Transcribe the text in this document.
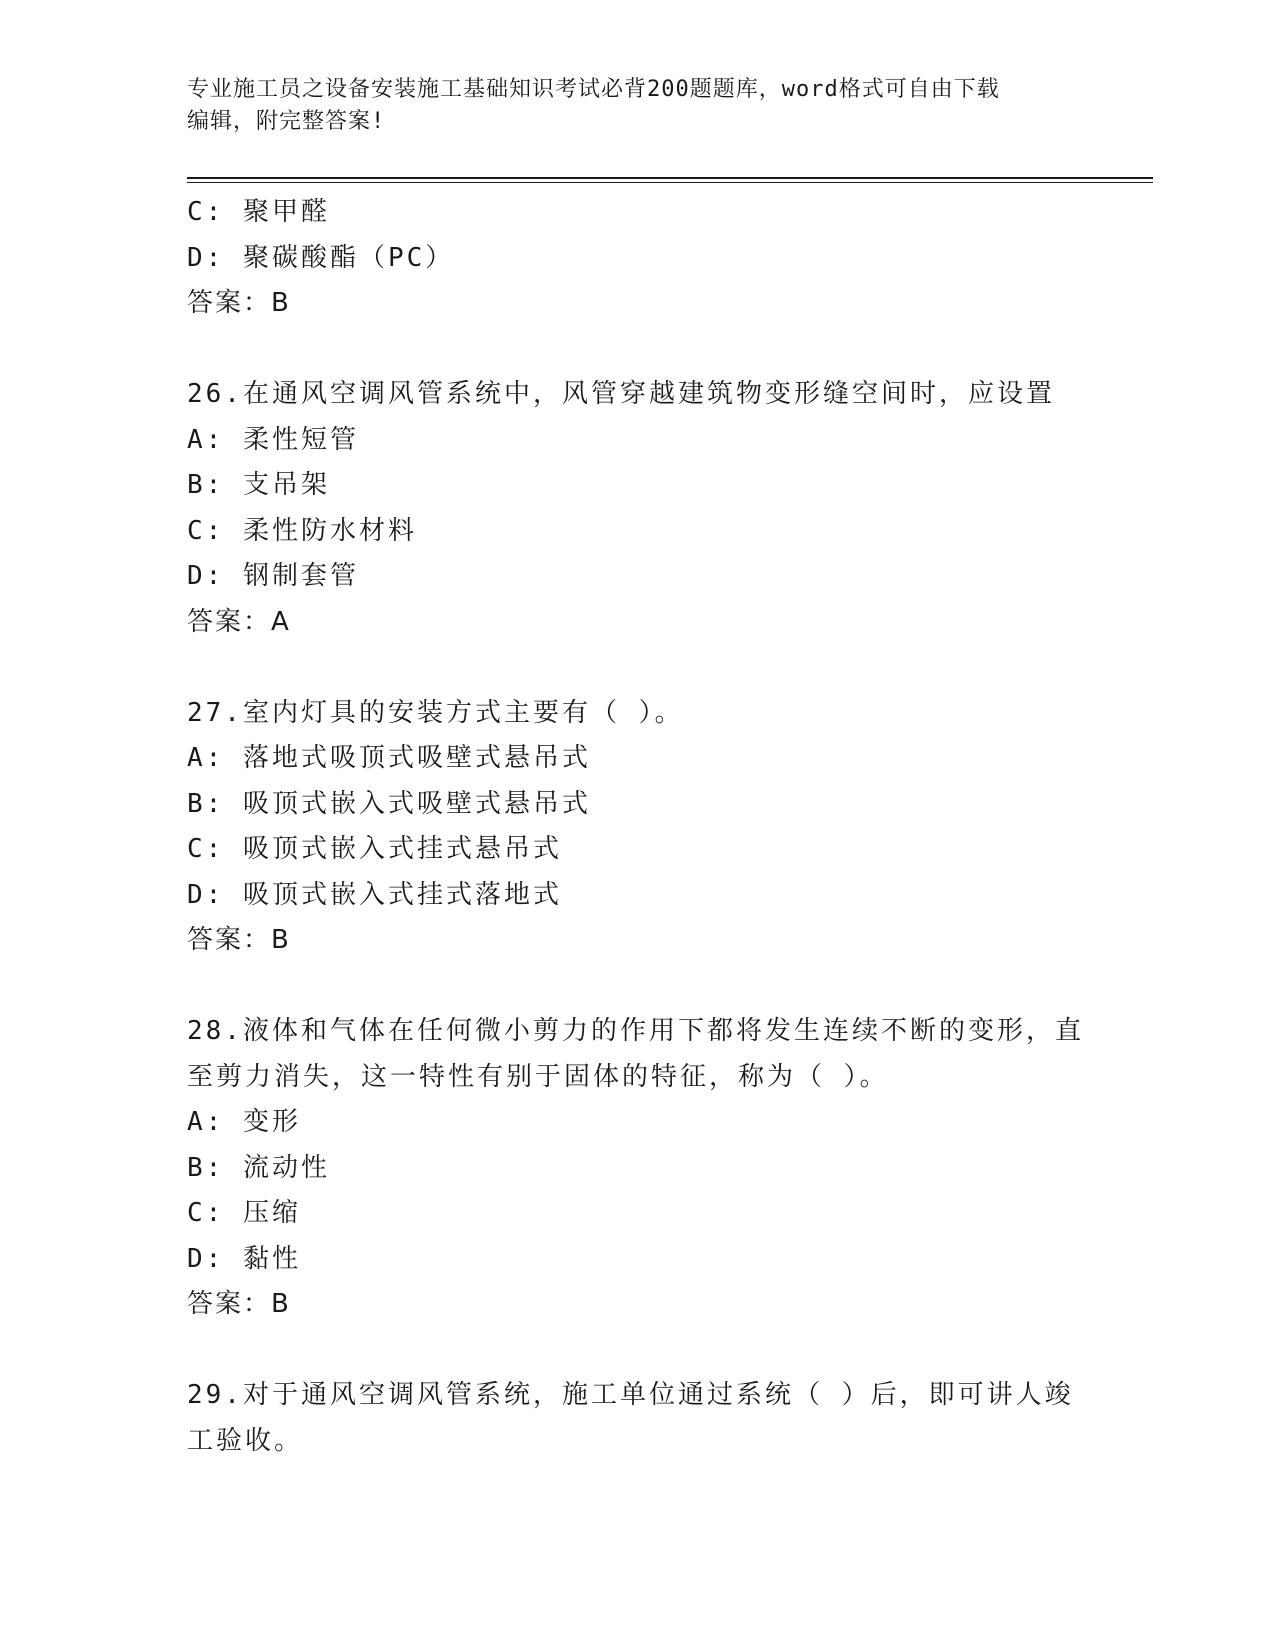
专业施工员之设备安装施工基础知识考试必背200题题库，word格式可自由下载
编辑，附完整答案!
C: 聚甲醛
D: 聚碳酸酯（PC）
答案：B
26.在通风空调风管系统中，风管穿越建筑物变形缝空间时，应设置
A: 柔性短管
B: 支吊架
C: 柔性防水材料
D: 钢制套管
答案：A
27.室内灯具的安装方式主要有（ ）。
A: 落地式吸顶式吸壁式悬吊式
B: 吸顶式嵌入式吸壁式悬吊式
C: 吸顶式嵌入式挂式悬吊式
D: 吸顶式嵌入式挂式落地式
答案：B
28.液体和气体在任何微小剪力的作用下都将发生连续不断的变形，直
至剪力消失，这一特性有别于固体的特征，称为（ ）。
A: 变形
B: 流动性
C: 压缩
D: 黏性
答案：B
29.对于通风空调风管系统，施工单位通过系统（ ）后，即可讲人竣
工验收。
